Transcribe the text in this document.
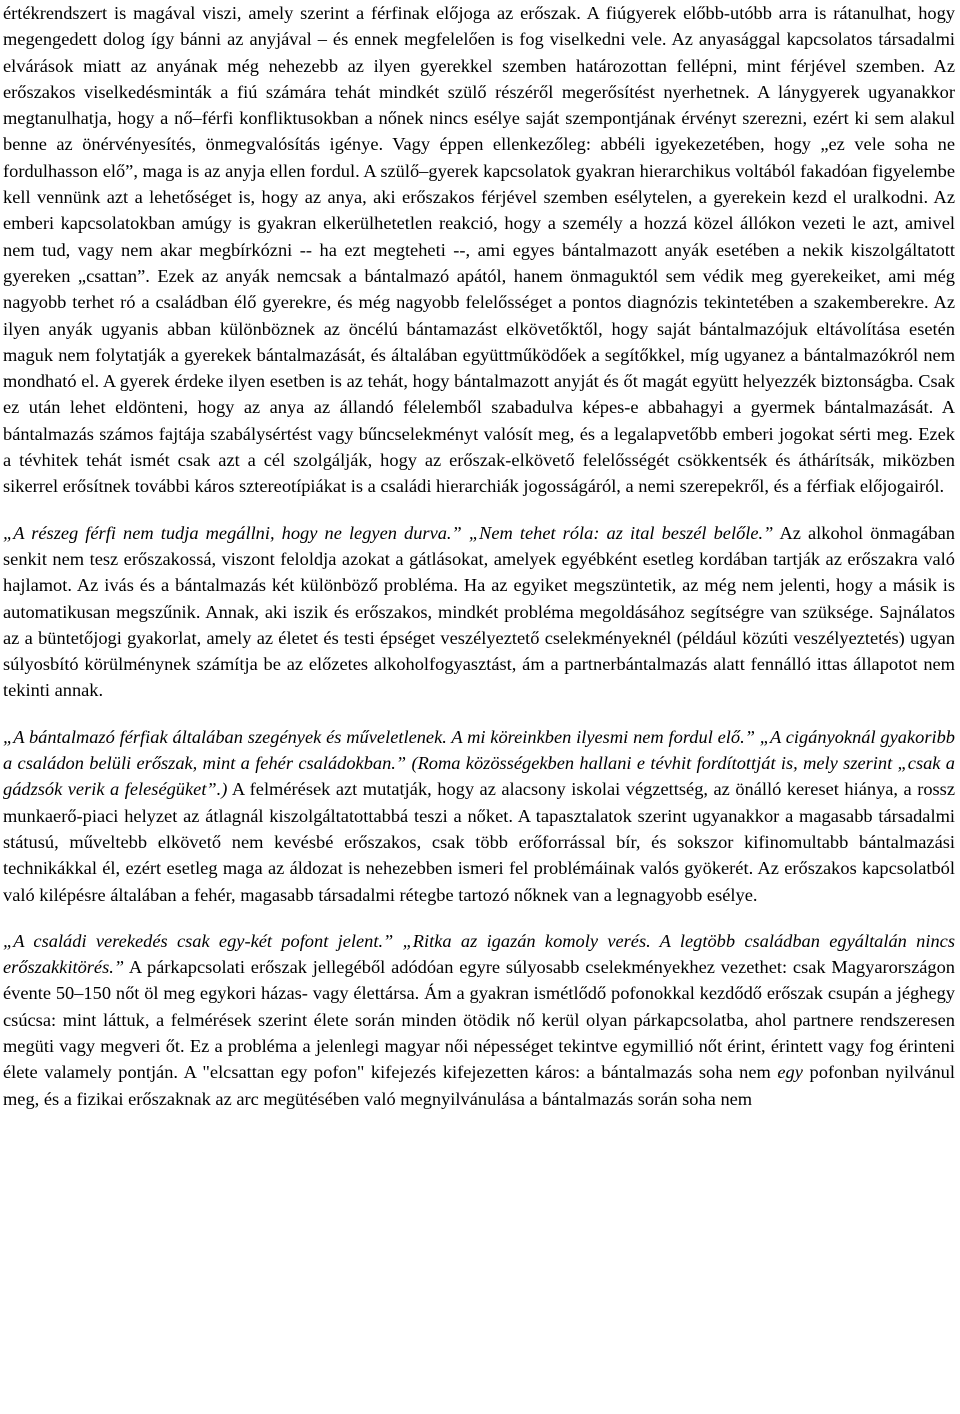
értékrendszert is magával viszi, amely szerint a férfinak előjoga az erőszak. A fiúgyerek előbb-utóbb arra is rátanulhat, hogy megengedett dolog így bánni az anyjával – és ennek megfelelően is fog viselkedni vele. Az anyasággal kapcsolatos társadalmi elvárások miatt az anyának még nehezebb az ilyen gyerekkel szemben határozottan fellépni, mint férjével szemben. Az erőszakos viselkedésminták a fiú számára tehát mindkét szülő részéről megerősítést nyerhetnek. A lánygyerek ugyanakkor megtanulhatja, hogy a nő–férfi konfliktusokban a nőnek nincs esélye saját szempontjának érvényt szerezni, ezért ki sem alakul benne az önérvényesítés, önmegvalósítás igénye. Vagy éppen ellenkezőleg: abbéli igyekezetében, hogy „ez vele soha ne fordulhasson elő”, maga is az anyja ellen fordul. A szülő–gyerek kapcsolatok gyakran hierarchikus voltából fakadóan figyelembe kell vennünk azt a lehetőséget is, hogy az anya, aki erőszakos férjével szemben esélytelen, a gyerekein kezd el uralkodni. Az emberi kapcsolatokban amúgy is gyakran elkerülhetetlen reakció, hogy a személy a hozzá közel állókon vezeti le azt, amivel nem tud, vagy nem akar megbírkózni -- ha ezt megteheti --, ami egyes bántalmazott anyák esetében a nekik kiszolgáltatott gyereken „csattan”. Ezek az anyák nemcsak a bántalmazó apától, hanem önmaguktól sem védik meg gyerekeiket, ami még nagyobb terhet ró a családban élő gyerekre, és még nagyobb felelősséget a pontos diagnózis tekintetében a szakemberekre. Az ilyen anyák ugyanis abban különböznek az öncélú bántamazást elkövetőktől, hogy saját bántalmazójuk eltávolítása esetén maguk nem folytatják a gyerekek bántalmazását, és általában együttműködőek a segítőkkel, míg ugyanez a bántalmazókról nem mondható el. A gyerek érdeke ilyen esetben is az tehát, hogy bántalmazott anyját és őt magát együtt helyezzék biztonságba. Csak ez után lehet eldönteni, hogy az anya az állandó félelemből szabadulva képes-e abbahagyi a gyermek bántalmazását. A bántalmazás számos fajtája szabálysértést vagy bűncselekményt valósít meg, és a legalapvetőbb emberi jogokat sérti meg. Ezek a tévhitek tehát ismét csak azt a cél szolgálják, hogy az erőszak-elkövető felelősségét csökkentsék és áthárítsák, miközben sikerrel erősítnek további káros sztereotípiákat is a családi hierarchiák jogosságáról, a nemi szerepekről, és a férfiak előjogairól.

„A részeg férfi nem tudja megállni, hogy ne legyen durva.” „Nem tehet róla: az ital beszél belőle.” Az alkohol önmagában senkit nem tesz erőszakossá, viszont feloldja azokat a gátlásokat, amelyek egyébként esetleg kordában tartják az erőszakra való hajlamot. Az ivás és a bántalmazás két különböző probléma. Ha az egyiket megszüntetik, az még nem jelenti, hogy a másik is automatikusan megszűnik. Annak, aki iszik és erőszakos, mindkét probléma megoldásához segítségre van szüksége. Sajnálatos az a büntetőjogi gyakorlat, amely az életet és testi épséget veszélyeztető cselekményeknél (például közúti veszélyeztetés) ugyan súlyosbító körülménynek számítja be az előzetes alkoholfogyasztást, ám a partnerbántalmazás alatt fennálló ittas állapotot nem tekinti annak.

„A bántalmazó férfiak általában szegények és műveletlenek. A mi köreinkben ilyesmi nem fordul elő.” „A cigányoknál gyakoribb a családon belüli erőszak, mint a fehér családokban.” (Roma közösségekben hallani e tévhit fordítottját is, mely szerint „csak a gádzsók verik a feleségüket”.) A felmérések azt mutatják, hogy az alacsony iskolai végzettség, az önálló kereset hiánya, a rossz munkaerő-piaci helyzet az átlagnál kiszolgáltatottabbá teszi a nőket. A tapasztalatok szerint ugyanakkor a magasabb társadalmi státusú, műveltebb elkövető nem kevésbé erőszakos, csak több erőforrással bír, és sokszor kifinomultabb bántalmazási technikákkal él, ezért esetleg maga az áldozat is nehezebben ismeri fel problémáinak valós gyökerét. Az erőszakos kapcsolatból való kilépésre általában a fehér, magasabb társadalmi rétegbe tartozó nőknek van a legnagyobb esélye.

„A családi verekedés csak egy-két pofont jelent.” „Ritka az igazán komoly verés. A legtöbb családban egyáltalán nincs erőszakkitörés.” A párkapcsolati erőszak jellegéből adódóan egyre súlyosabb cselekményekhez vezethet: csak Magyarországon évente 50–150 nőt öl meg egykori házas- vagy élettársa. Ám a gyakran ismétlődő pofonokkal kezdődő erőszak csupán a jéghegy csúcsa: mint láttuk, a felmérések szerint élete során minden ötödik nő kerül olyan párkapcsolatba, ahol partnere rendszeresen megüti vagy megveri őt. Ez a probléma a jelenlegi magyar női népességet tekintve egymillió nőt érint, érintett vagy fog érinteni élete valamely pontján. A "elcsattan egy pofon" kifejezés kifejezetten káros: a bántalmazás soha nem egy pofonban nyilvánul meg, és a fizikai erőszaknak az arc megütésében való megnyilvánulása a bántalmazás során soha nem
